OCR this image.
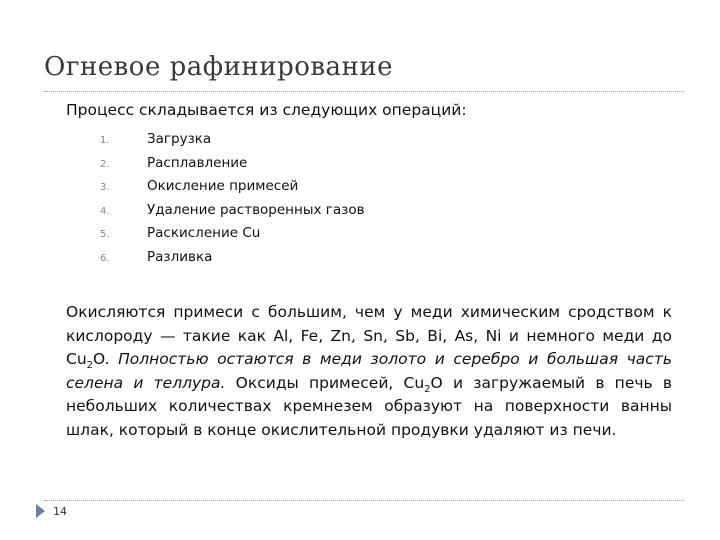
Огневое рафинирование

Процесс складывается из следующих операций:

1.	Загрузка
2.	Расплавление
3.	Окисление примесей
4.	Удаление растворенных газов
5.	Раскисление Cu
6.	Разливка

Окисляются примеси с большим, чем у меди химическим сродством к кислороду — такие как Al, Fe, Zn, Sn, Sb, Bi, As, Ni и немного меди до $Cu_2O$. Полностью остаются в меди золото и серебро и большая часть селена и теллура. Оксиды примесей, $Cu_2O$ и загружаемый в печь в небольших количествах кремнезем образуют на поверхности ванны шлак, который в конце окислительной продувки удаляют из печи.

14
